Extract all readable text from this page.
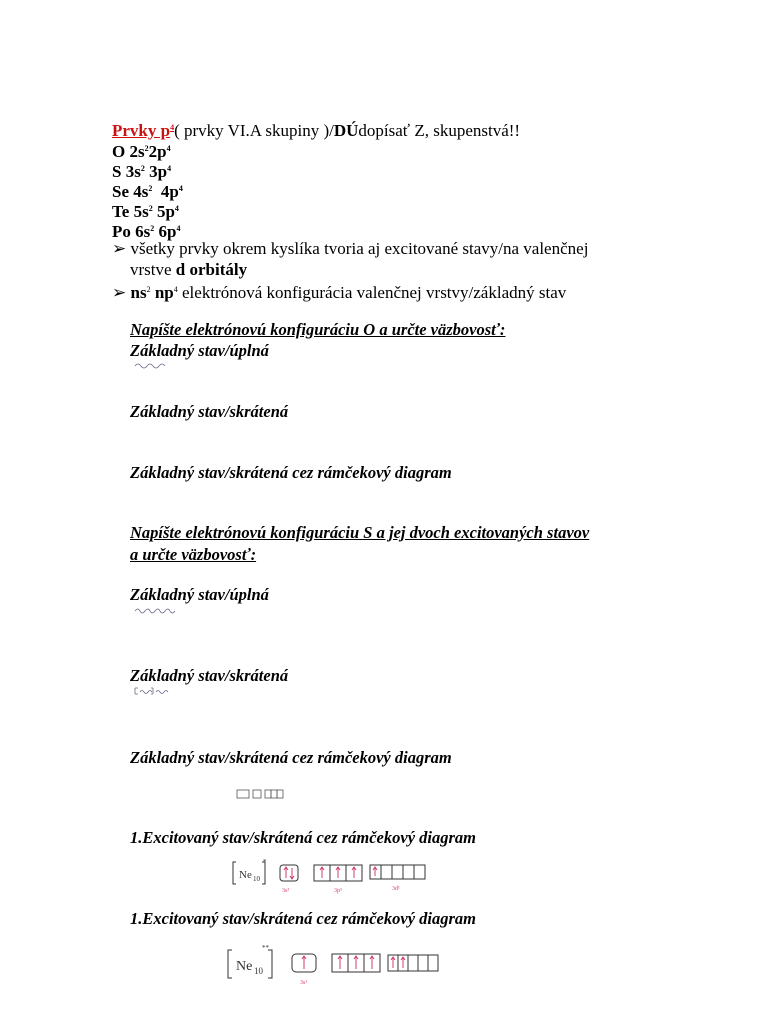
Prvky $p^4$( prvky VI.A skupiny )/DÚdopísať Z, skupenstvá!!
O $2s^22p^4$
S $3s^2$ $3p^4$
Se $4s^2$  $4p^4$
Te $5s^2$ $5p^4$
Po $6s^2$ $6p^4$
➢ všetky prvky okrem kyslíka tvoria aj excitované stavy/na valenčnej
vrstve d orbitály
➢ $ns^2$ $np^4$ elektrónová konfigurácia valenčnej vrstvy/základný stav
Napíšte elektrónovú konfiguráciu O a určte väzbovosť:
Základný stav/úplná
Základný stav/skrátená
Základný stav/skrátená cez rámčekový diagram
Napíšte elektrónovú konfiguráciu S a jej dvoch excitovaných stavov
a určte väzbovosť:
Základný stav/úplná
Základný stav/skrátená
Základný stav/skrátená cez rámčekový diagram
1.Excitovaný stav/skrátená cez rámčekový diagram
Ne 10
*
3s²	3p³	3d¹
1.Excitovaný stav/skrátená cez rámčekový diagram
Ne 10
**
3s¹
